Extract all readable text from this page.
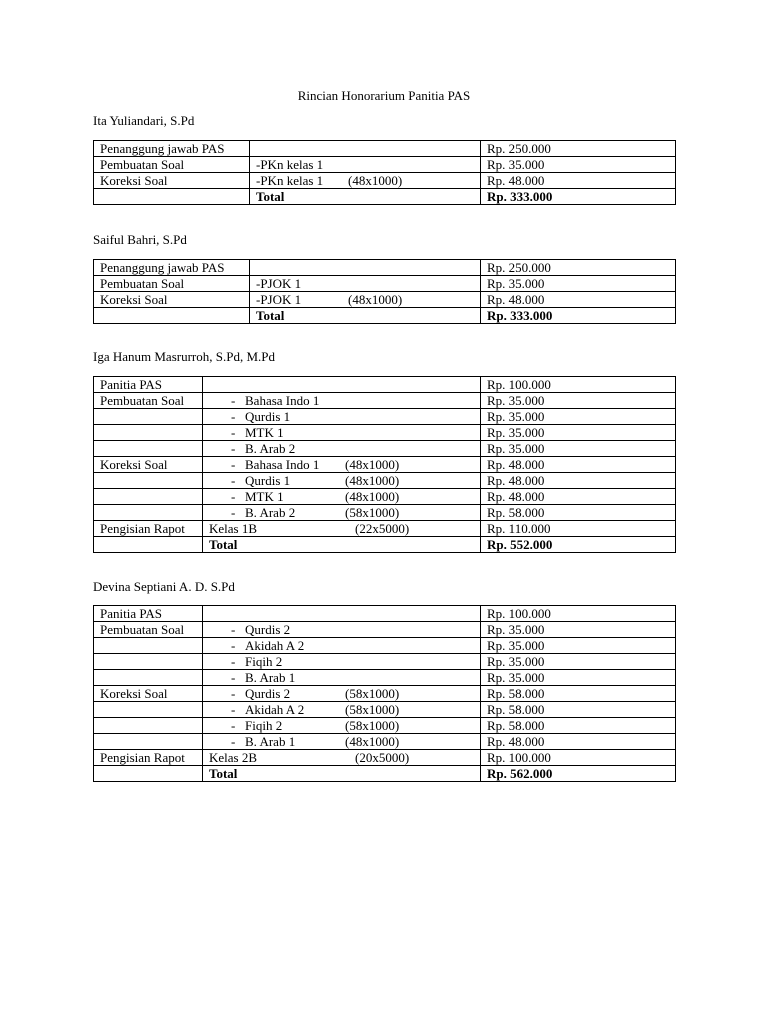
Rincian Honorarium Panitia PAS
Ita Yuliandari, S.Pd
Penanggung jawab PAS		Rp. 250.000
Pembuatan Soal	-PKn kelas 1	Rp. 35.000
Koreksi Soal	-PKn kelas 1 (48x1000)	Rp. 48.000
	Total	Rp. 333.000
Saiful Bahri, S.Pd
Penanggung jawab PAS		Rp. 250.000
Pembuatan Soal	-PJOK 1	Rp. 35.000
Koreksi Soal	-PJOK 1 (48x1000)	Rp. 48.000
	Total	Rp. 333.000
Iga Hanum Masrurroh, S.Pd, M.Pd
Panitia PAS		Rp. 100.000
Pembuatan Soal	- Bahasa Indo 1	Rp. 35.000
	- Qurdis 1	Rp. 35.000
	- MTK 1	Rp. 35.000
	- B. Arab 2	Rp. 35.000
Koreksi Soal	- Bahasa Indo 1 (48x1000)	Rp. 48.000
	- Qurdis 1 (48x1000)	Rp. 48.000
	- MTK 1 (48x1000)	Rp. 48.000
	- B. Arab 2 (58x1000)	Rp. 58.000
Pengisian Rapot	Kelas 1B (22x5000)	Rp. 110.000
	Total	Rp. 552.000
Devina Septiani A. D. S.Pd
Panitia PAS		Rp. 100.000
Pembuatan Soal	- Qurdis 2	Rp. 35.000
	- Akidah A 2	Rp. 35.000
	- Fiqih 2	Rp. 35.000
	- B. Arab 1	Rp. 35.000
Koreksi Soal	- Qurdis 2 (58x1000)	Rp. 58.000
	- Akidah A 2 (58x1000)	Rp. 58.000
	- Fiqih 2 (58x1000)	Rp. 58.000
	- B. Arab 1 (48x1000)	Rp. 48.000
Pengisian Rapot	Kelas 2B (20x5000)	Rp. 100.000
	Total	Rp. 562.000
